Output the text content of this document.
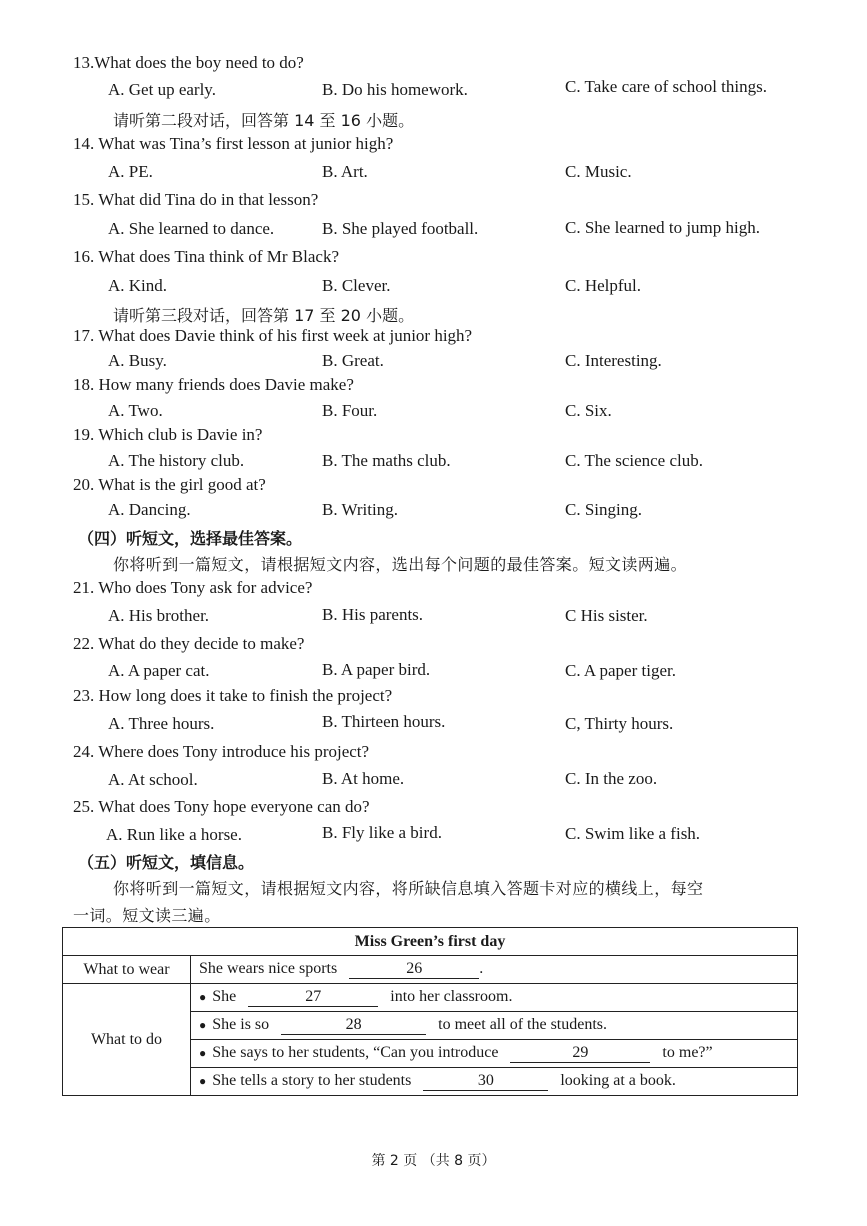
13.What does the boy need to do?
A. Get up early.	B. Do his homework.	C. Take care of school things.
请听第二段对话，回答第 14 至 16 小题。
14. What was Tina’s first lesson at junior high?
A. PE.	B. Art.	C. Music.
15. What did Tina do in that lesson?
A. She learned to dance.	B. She played football.	C. She learned to jump high.
16. What does Tina think of Mr Black?
A. Kind.	B. Clever.	C. Helpful.
请听第三段对话，回答第 17 至 20 小题。
17. What does Davie think of his first week at junior high?
A. Busy.	B. Great.	C. Interesting.
18. How many friends does Davie make?
A. Two.	B. Four.	C. Six.
19. Which club is Davie in?
A. The history club.	B. The maths club.	C. The science club.
20. What is the girl good at?
A. Dancing.	B. Writing.	C. Singing.
（四）听短文，选择最佳答案。
你将听到一篇短文，请根据短文内容，选出每个问题的最佳答案。短文读两遍。
21. Who does Tony ask for advice?
A. His brother.	B. His parents.	C His sister.
22. What do they decide to make?
A. A paper cat.	B. A paper bird.	C. A paper tiger.
23. How long does it take to finish the project?
A. Three hours.	B. Thirteen hours.	C, Thirty hours.
24. Where does Tony introduce his project?
A. At school.	B. At home.	C. In the zoo.
25. What does Tony hope everyone can do?
A. Run like a horse.	B. Fly like a bird.	C. Swim like a fish.
（五）听短文，填信息。
你将听到一篇短文，请根据短文内容，将所缺信息填入答题卡对应的横线上，每空
一词。短文读三遍。
Miss Green’s first day	
What to wear	She wears nice sports 26 .
What to do	● She 27 into her classroom.
	● She is so 28 to meet all of the students.
	● She says to her students, “Can you introduce 29 to me?”
	● She tells a story to her students 30 looking at a book.
第 2 页 （共 8 页）
